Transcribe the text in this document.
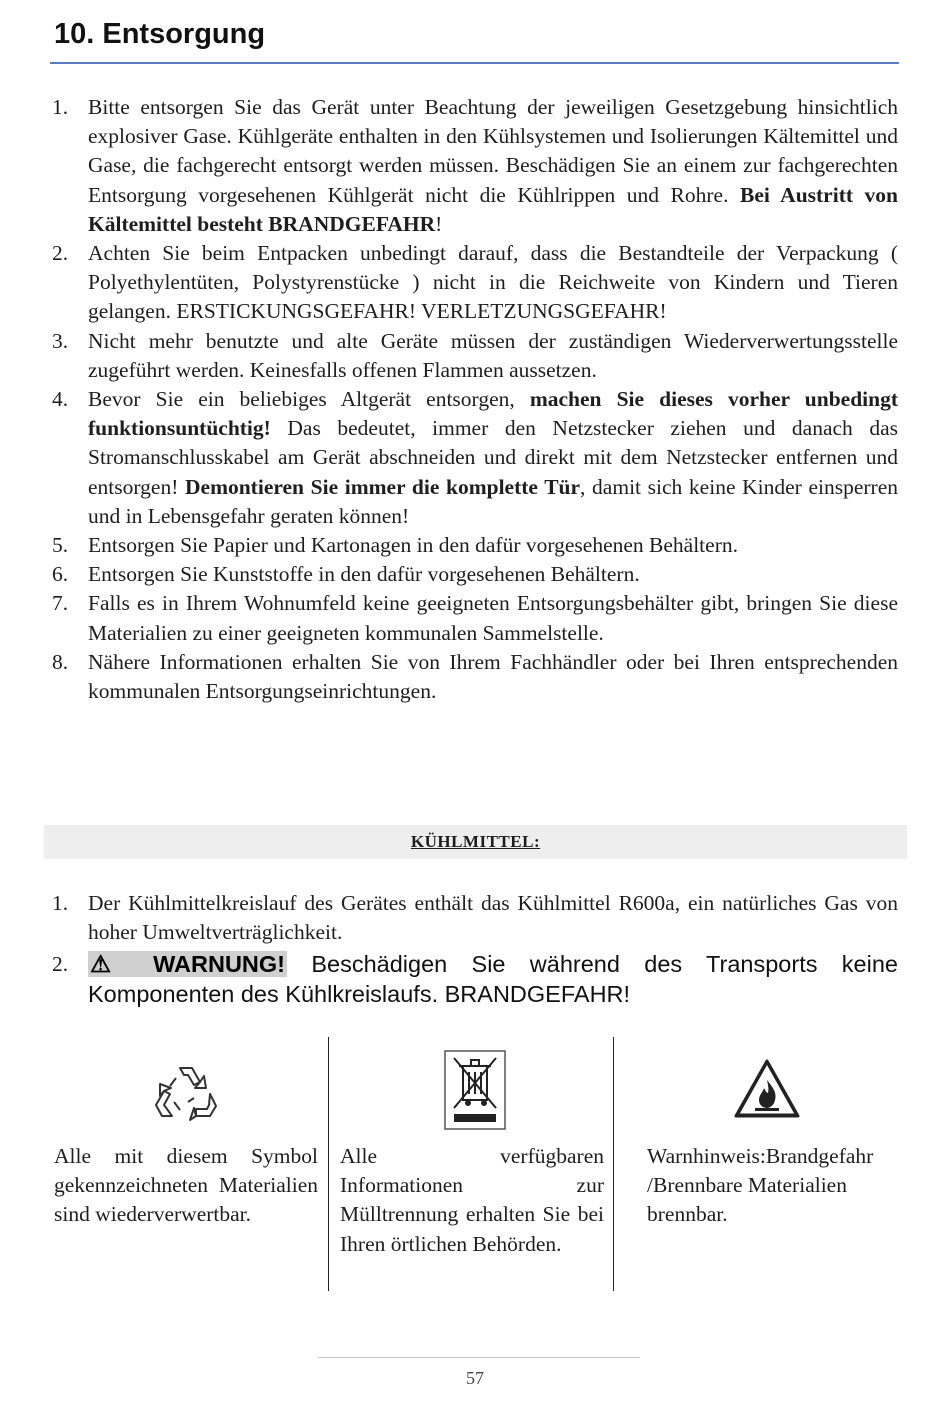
10. Entsorgung
1. Bitte entsorgen Sie das Gerät unter Beachtung der jeweiligen Gesetzgebung hinsichtlich explosiver Gase. Kühlgeräte enthalten in den Kühlsystemen und Isolierungen Kältemittel und Gase, die fachgerecht entsorgt werden müssen. Beschädigen Sie an einem zur fachgerechten Entsorgung vorgesehenen Kühlgerät nicht die Kühlrippen und Rohre. Bei Austritt von Kältemittel besteht BRANDGEFAHR!
2. Achten Sie beim Entpacken unbedingt darauf, dass die Bestandteile der Verpackung ( Polyethylentüten, Polystyrenstücke ) nicht in die Reichweite von Kindern und Tieren gelangen. ERSTICKUNGSGEFAHR! VERLETZUNGSGEFAHR!
3. Nicht mehr benutzte und alte Geräte müssen der zuständigen Wiederverwertungsstelle zugeführt werden. Keinesfalls offenen Flammen aussetzen.
4. Bevor Sie ein beliebiges Altgerät entsorgen, machen Sie dieses vorher unbedingt funktionsuntüchtig! Das bedeutet, immer den Netzstecker ziehen und danach das Stromanschlusskabel am Gerät abschneiden und direkt mit dem Netzstecker entfernen und entsorgen! Demontieren Sie immer die komplette Tür, damit sich keine Kinder einsperren und in Lebensgefahr geraten können!
5. Entsorgen Sie Papier und Kartonagen in den dafür vorgesehenen Behältern.
6. Entsorgen Sie Kunststoffe in den dafür vorgesehenen Behältern.
7. Falls es in Ihrem Wohnumfeld keine geeigneten Entsorgungsbehälter gibt, bringen Sie diese Materialien zu einer geeigneten kommunalen Sammelstelle.
8. Nähere Informationen erhalten Sie von Ihrem Fachhändler oder bei Ihren entsprechenden kommunalen Entsorgungseinrichtungen.
KÜHLMITTEL:
1. Der Kühlmittelkreislauf des Gerätes enthält das Kühlmittel R600a, ein natürliches Gas von hoher Umweltverträglichkeit.
2. ⚠ WARNUNG! Beschädigen Sie während des Transports keine Komponenten des Kühlkreislaufs. BRANDGEFAHR!
Alle mit diesem Symbol gekennzeichneten Materialien sind wiederverwertbar.
Alle verfügbaren Informationen zur Mülltrennung erhalten Sie bei Ihren örtlichen Behörden.
Warnhinweis:Brandgefahr /Brennbare Materialien brennbar.
57
